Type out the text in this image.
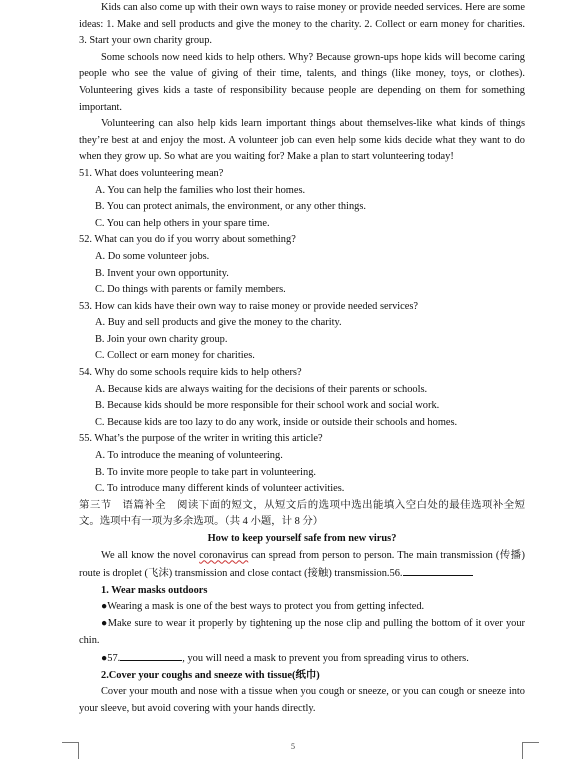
Kids can also come up with their own ways to raise money or provide needed services. Here are some ideas: 1. Make and sell products and give the money to the charity. 2. Collect or earn money for charities. 3. Start your own charity group.

Some schools now need kids to help others. Why? Because grown-ups hope kids will become caring people who see the value of giving of their time, talents, and things (like money, toys, or clothes). Volunteering gives kids a taste of responsibility because people are depending on them for something important.

Volunteering can also help kids learn important things about themselves-like what kinds of things they’re best at and enjoy the most. A volunteer job can even help some kids decide what they want to do when they grow up. So what are you waiting for? Make a plan to start volunteering today!

51. What does volunteering mean?

A. You can help the families who lost their homes.

B. You can protect animals, the environment, or any other things.

C. You can help others in your spare time.

52. What can you do if you worry about something?

A. Do some volunteer jobs.

B. Invent your own opportunity.

C. Do things with parents or family members.

53. How can kids have their own way to raise money or provide needed services?

A. Buy and sell products and give the money to the charity.

B. Join your own charity group.

C. Collect or earn money for charities.

54. Why do some schools require kids to help others?

A. Because kids are always waiting for the decisions of their parents or schools.

B. Because kids should be more responsible for their school work and social work.

C. Because kids are too lazy to do any work, inside or outside their schools and homes.

55. What’s the purpose of the writer in writing this article?

A. To introduce the meaning of volunteering.

B. To invite more people to take part in volunteering.

C. To introduce many different kinds of volunteer activities.

第三节　语篇补全　阅读下面的短文，从短文后的选项中选出能填入空白处的最佳选项补全短文。选项中有一项为多余选项。（共 4 小题，计 8 分）

How to keep yourself safe from new virus?

We all know the novel coronavirus can spread from person to person. The main transmission (传播) route is droplet (飞沫) transmission and close contact (接触) transmission.56.

1. Wear masks outdoors

●Wearing a mask is one of the best ways to protect you from getting infected.

●Make sure to wear it properly by tightening up the nose clip and pulling the bottom of it over your chin.

●57.	, you will need a mask to prevent you from spreading virus to others.

2.Cover your coughs and sneeze with tissue(纸巾)

Cover your mouth and nose with a tissue when you cough or sneeze, or you can cough or sneeze into your sleeve, but avoid covering with your hands directly.

5
